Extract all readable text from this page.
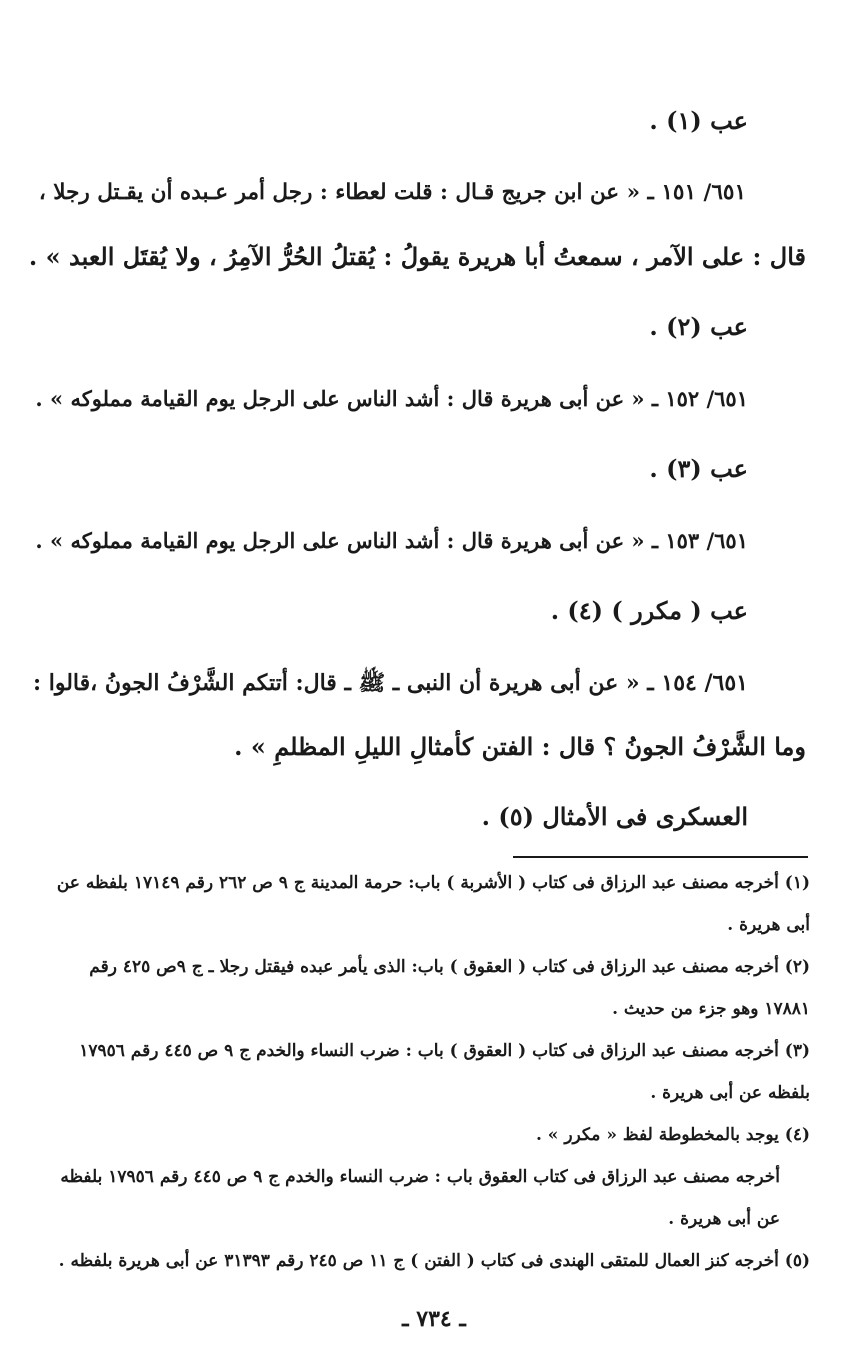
عب (١) .
٦٥١/ ١٥١ ـ « عن ابن جريج قـال : قلت لعطاء : رجل أمر عـبده أن يقـتل رجلا ،
قال : على الآمر ، سمعتُ أبا هريرة يقولُ : يُقتلُ الحُرُّ الآمِرُ ، ولا يُقتَل العبد » .
عب (٢) .
٦٥١/ ١٥٢ ـ « عن أبى هريرة قال : أشد الناس على الرجل يوم القيامة مملوكه » .
عب (٣) .
٦٥١/ ١٥٣ ـ « عن أبى هريرة قال : أشد الناس على الرجل يوم القيامة مملوكه » .
عب ( مكرر ) (٤) .
٦٥١/ ١٥٤ ـ « عن أبى هريرة أن النبى ـ ﷺ ـ قال: أتتكم الشَّرْفُ الجونُ ،قالوا :
وما الشَّرْفُ الجونُ ؟ قال : الفتن كأمثالِ الليلِ المظلمِ » .
العسكرى فى الأمثال (٥) .
(١) أخرجه مصنف عبد الرزاق فى كتاب ( الأشربة ) باب: حرمة المدينة ج ٩ ص ٢٦٢ رقم ١٧١٤٩ بلفظه عن
أبى هريرة .
(٢) أخرجه مصنف عبد الرزاق فى كتاب ( العقوق ) باب: الذى يأمر عبده فيقتل رجلا ـ ج ٩ص ٤٢٥ رقم
١٧٨٨١ وهو جزء من حديث .
(٣) أخرجه مصنف عبد الرزاق فى كتاب ( العقوق ) باب : ضرب النساء والخدم ج ٩ ص ٤٤٥ رقم ١٧٩٥٦
بلفظه عن أبى هريرة .
(٤) يوجد بالمخطوطة لفظ « مكرر » .
أخرجه مصنف عبد الرزاق فى كتاب العقوق باب : ضرب النساء والخدم ج ٩ ص ٤٤٥ رقم ١٧٩٥٦ بلفظه
عن أبى هريرة .
(٥) أخرجه كنز العمال للمتقى الهندى فى كتاب ( الفتن ) ج ١١ ص ٢٤٥ رقم ٣١٣٩٣ عن أبى هريرة بلفظه .
ـ ٧٣٤ ـ
